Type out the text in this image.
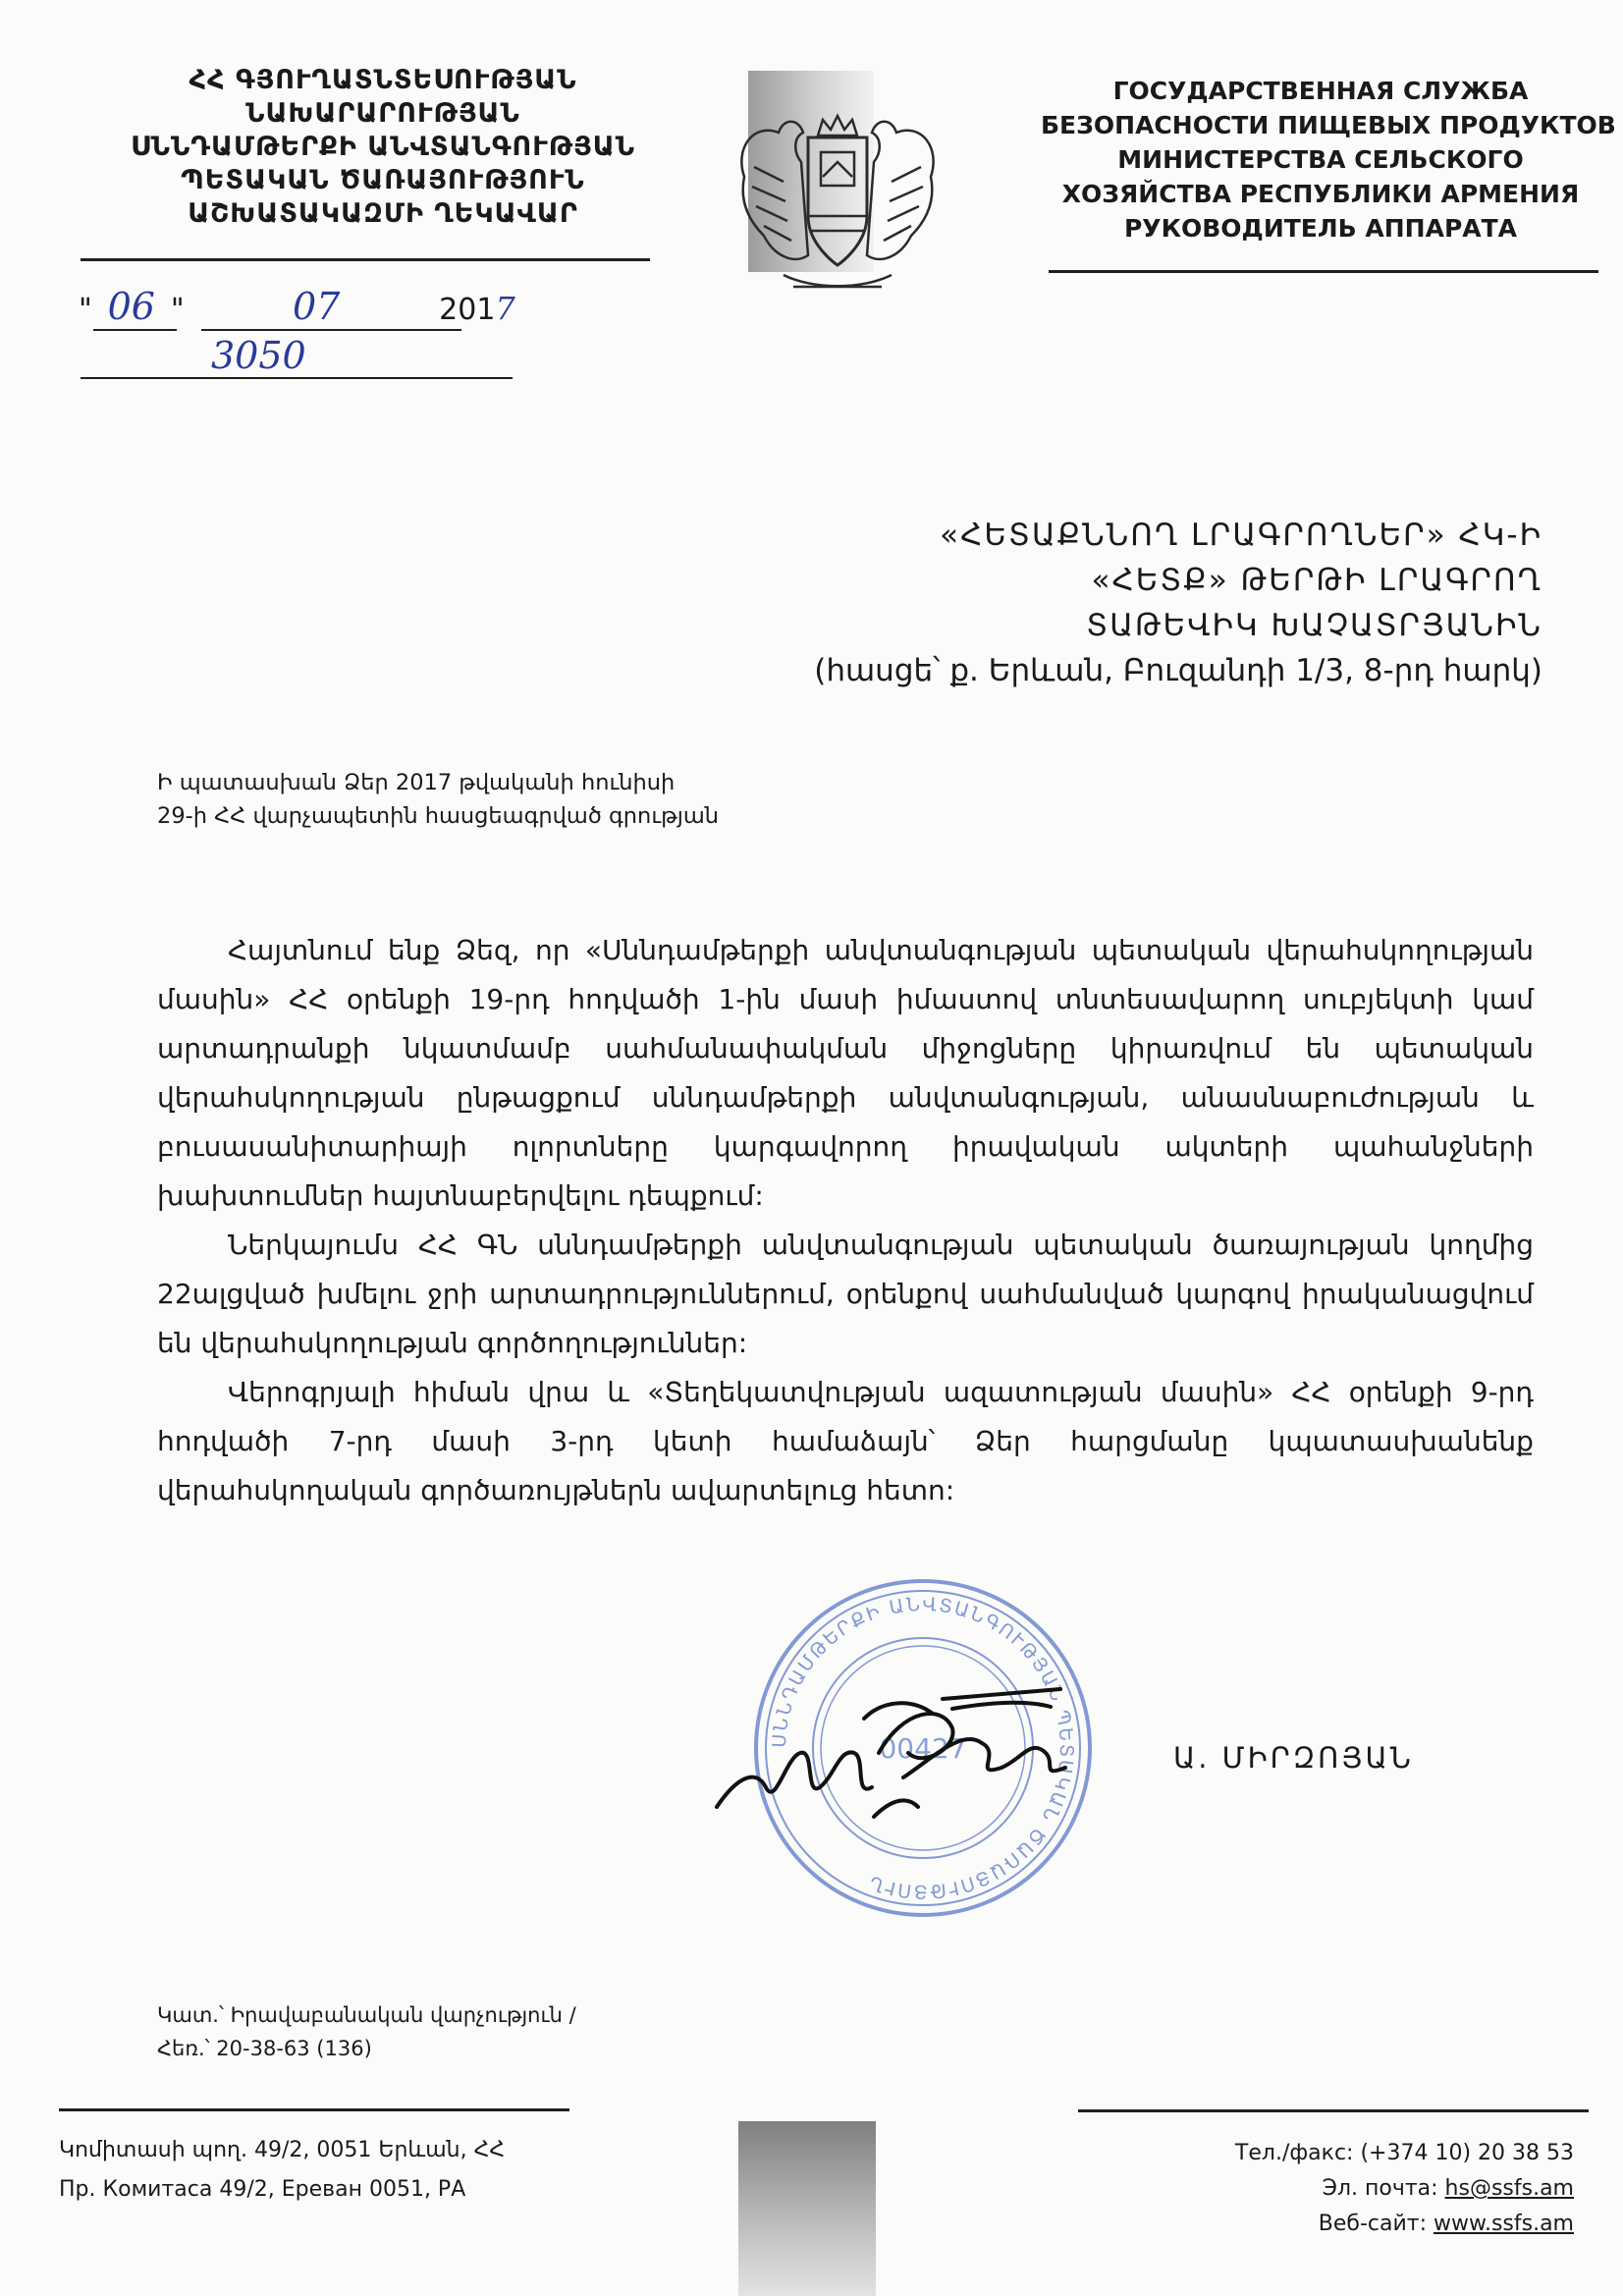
ՀՀ ԳՅՈՒՂԱՏՆՏԵՍՈՒԹՅԱՆ
ՆԱԽԱՐԱՐՈՒԹՅԱՆ
ՍՆՆԴԱՄԹԵՐՔԻ ԱՆՎՏԱՆԳՈՒԹՅԱՆ
ՊԵՏԱԿԱՆ ԾԱՌԱՅՈՒԹՅՈՒՆ
ԱՇԽԱՏԱԿԱԶՄԻ ՂԵԿԱՎԱՐ
ГОСУДАРСТВЕННАЯ СЛУЖБА
БЕЗОПАСНОСТИ ПИЩЕВЫХ ПРОДУКТОВ
МИНИСТЕРСТВА СЕЛЬСКОГО
ХОЗЯЙСТВА РЕСПУБЛИКИ АРМЕНИЯ
РУКОВОДИТЕЛЬ АППАРАТА
" 06 "	07	2017
3050
«ՀԵՏԱՔՆՆՈՂ ԼՐԱԳՐՈՂՆԵՐ» ՀԿ-Ի
«ՀԵՏՔ» ԹԵՐԹԻ ԼՐԱԳՐՈՂ
ՏԱԹԵՎԻԿ ԽԱՉԱՏՐՅԱՆԻՆ
(հասցե՝ ք. Երևան, Բուզանդի 1/3, 8-րդ հարկ)
Ի պատասխան Ձեր 2017 թվականի հունիսի
29-ի ՀՀ վարչապետին հասցեագրված գրության

Հայտնում ենք Ձեզ, որ «Սննդամթերքի անվտանգության պետական վերահսկողության մասին» ՀՀ օրենքի 19-րդ հոդվածի 1-ին մասի իմաստով տնտեսավարող սուբյեկտի կամ արտադրանքի նկատմամբ սահմանափակման միջոցները կիրառվում են պետական վերահսկողության ընթացքում սննդամթերքի անվտանգության, անասնաբուժության և բուսասանիտարիայի ոլորտները կարգավորող իրավական ակտերի պահանջների խախտումներ հայտնաբերվելու դեպքում:

Ներկայումս ՀՀ ԳՆ սննդամթերքի անվտանգության պետական ծառայության կողմից 22ալցված խմելու ջրի արտադրություններում, օրենքով սահմանված կարգով իրականացվում են վերահսկողության գործողություններ:

Վերոգրյալի հիման վրա և «Տեղեկատվության ազատության մասին» ՀՀ օրենքի 9-րդ հոդվածի 7-րդ մասի 3-րդ կետի համաձայն՝ Ձեր հարցմանը կպատասխանենք վերահսկողական գործառույթներն ավարտելուց հետո:

ՍՆՆԴԱՄԹԵՐՔԻ ԱՆՎՏԱՆԳՈՒԹՅԱՆ ՊԵՏԱԿԱՆ ԾԱՌԱՅՈՒԹՅՈՒՆ
00427	Ա. ՄԻՐԶՈՅԱՆ
Կատ.՝ Իրավաբանական վարչություն /
Հեռ.՝ 20-38-63 (136)
Կոմիտասի պող. 49/2, 0051 Երևան, ՀՀ
Пр. Комитаса 49/2, Ереван 0051, РА
Тел./факс: (+374 10) 20 38 53
Эл. почта: hs@ssfs.am
Веб-сайт: www.ssfs.am
